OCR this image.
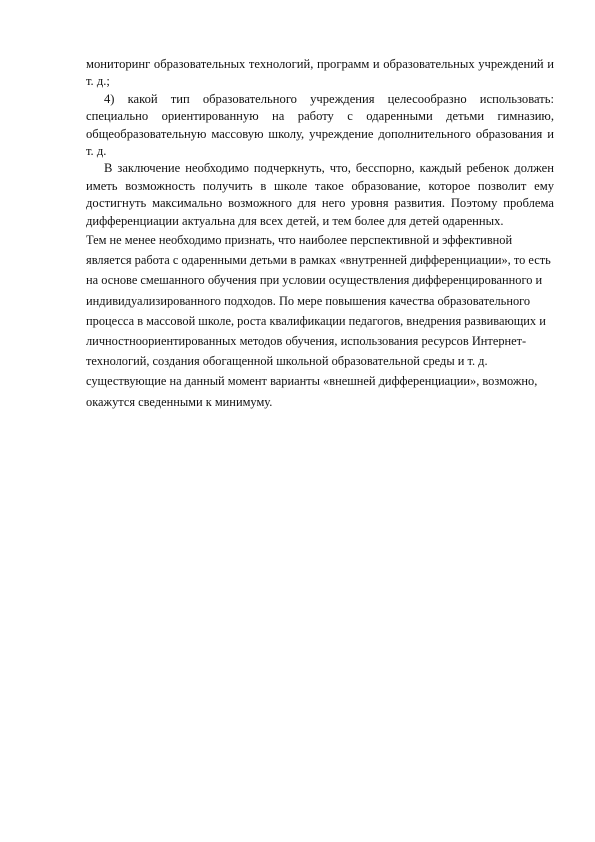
мониторинг образовательных технологий, программ и образовательных учреждений и т. д.;

4) какой тип образовательного учреждения целесообразно использовать: специально ориентированную на работу с одаренными детьми гимназию, общеобразовательную массовую школу, учреждение дополнительного образования и т. д.

В заключение необходимо подчеркнуть, что, бесспорно, каждый ребенок должен иметь возможность получить в школе такое образование, которое позволит ему достигнуть максимально возможного для него уровня развития. Поэтому проблема дифференциации актуальна для всех детей, и тем более для детей одаренных.

Тем не менее необходимо признать, что наиболее перспективной и эффективной является работа с одаренными детьми в рамках «внутренней дифференциации», то есть на основе смешанного обучения при условии осуществления дифференцированного и индивидуализированного подходов. По мере повышения качества образовательного процесса в массовой школе, роста квалификации педагогов, внедрения развивающих и личностноориентированных методов обучения, использования ресурсов Интернет-технологий, создания обогащенной школьной образовательной среды и т. д. существующие на данный момент варианты «внешней дифференциации», возможно, окажутся сведенными к минимуму.
